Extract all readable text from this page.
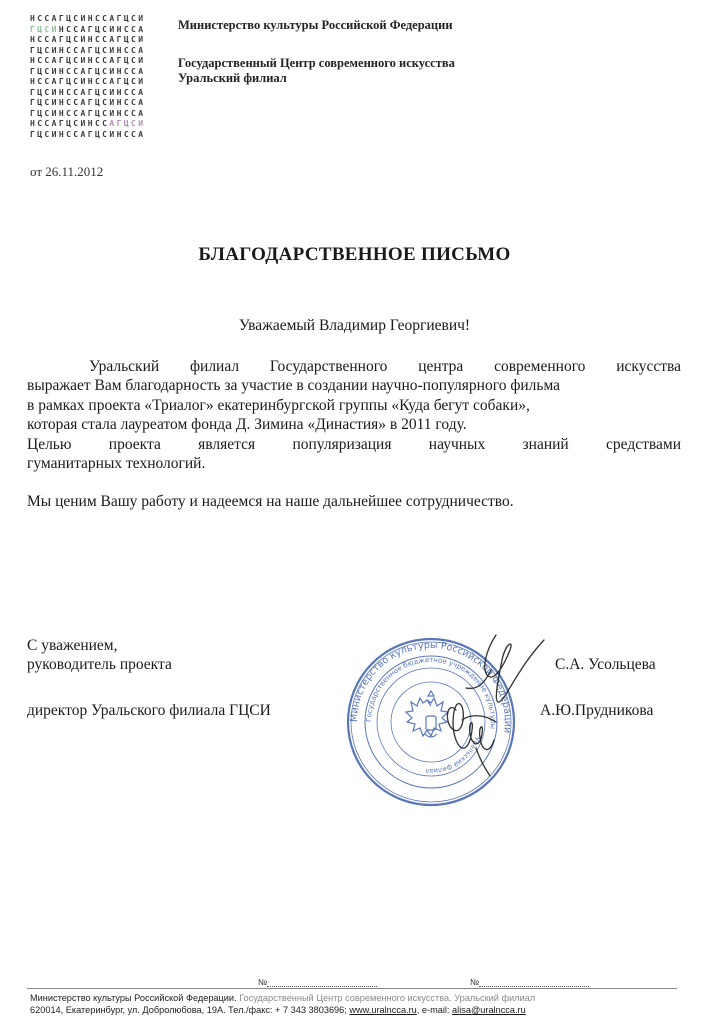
НССАГЦСИНССАГЦСИ
ГЦСИНССАГЦСИНССА
НССАГЦСИНССАГЦСИ
ГЦСИНССАГЦСИНССА
НССАГЦСИНССАГЦСИ
ГЦСИНССАГЦСИНССА
НССАГЦСИНССАГЦСИ
ГЦСИНССАГЦСИНССА
ГЦСИНССАГЦСИНССА
ГЦСИНССАГЦСИНССА
НССАГЦСИНССАГЦСИ
ГЦСИНССАГЦСИНССА
Министерство культуры Российской Федерации
Государственный Центр современного искусства
Уральский филиал
от 26.11.2012
БЛАГОДАРСТВЕННОЕ ПИСЬМО
Уважаемый Владимир Георгиевич!
Уральский филиал Государственного центра современного искусства
выражает Вам благодарность за участие в создании научно-популярного фильма
в рамках проекта «Триалог» екатеринбургской группы «Куда бегут собаки»,
которая стала лауреатом фонда Д. Зимина «Династия» в 2011 году.
Целью проекта является популяризация научных знаний средствами
гуманитарных технологий.
Мы ценим Вашу работу и надеемся на наше дальнейшее сотрудничество.
С уважением,
руководитель проекта	С.А. Усольцева
директор Уральского филиала ГЦСИ	А.Ю.Прудникова
Министерство культуры Российской Федерации
Государственное бюджетное учреждение культуры
Уральский филиал
№	№
Министерство культуры Российской Федерации. Государственный Центр современного искусства. Уральский филиал
620014, Екатеринбург, ул. Добролюбова, 19А. Тел./факс: + 7 343 3803696; www.uralncca.ru, e-mail: alisa@uralncca.ru
